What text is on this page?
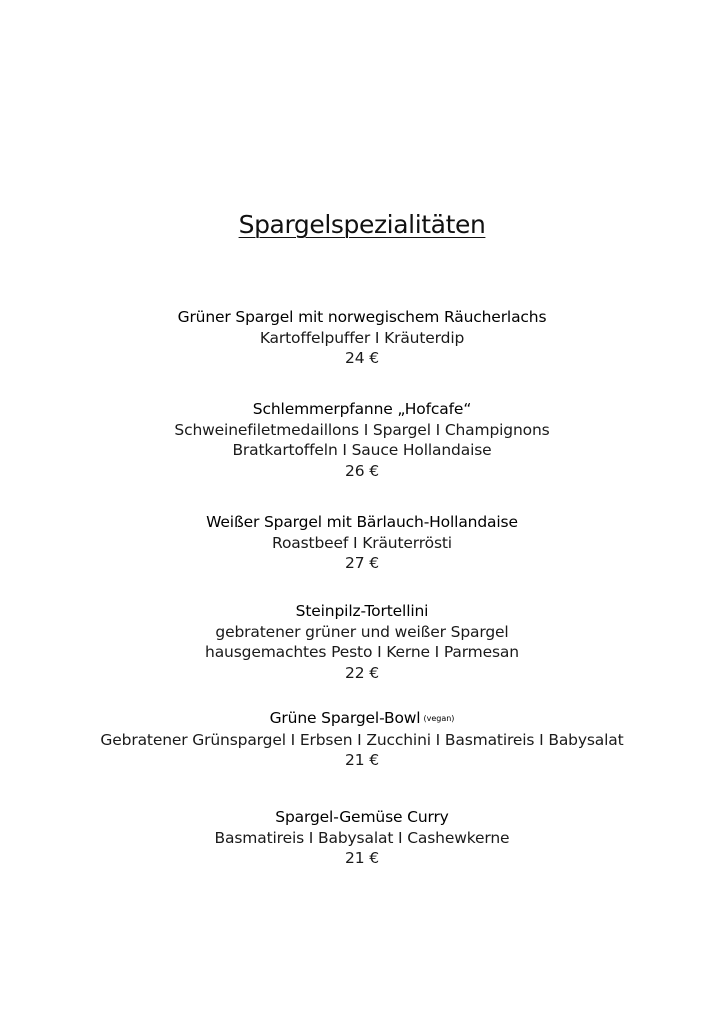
Spargelspezialitäten
Grüner Spargel mit norwegischem Räucherlachs
Kartoffelpuffer I Kräuterdip
24 €
Schlemmerpfanne „Hofcafe“
Schweinefiletmedaillons I Spargel I Champignons
Bratkartoffeln I Sauce Hollandaise
26 €
Weißer Spargel mit Bärlauch-Hollandaise
Roastbeef I Kräuterrösti
27 €
Steinpilz-Tortellini
gebratener grüner und weißer Spargel
hausgemachtes Pesto I Kerne I Parmesan
22 €
Grüne Spargel-Bowl (vegan)
Gebratener Grünspargel I Erbsen I Zucchini I Basmatireis I Babysalat
21 €
Spargel-Gemüse Curry
Basmatireis I Babysalat I Cashewkerne
21 €
